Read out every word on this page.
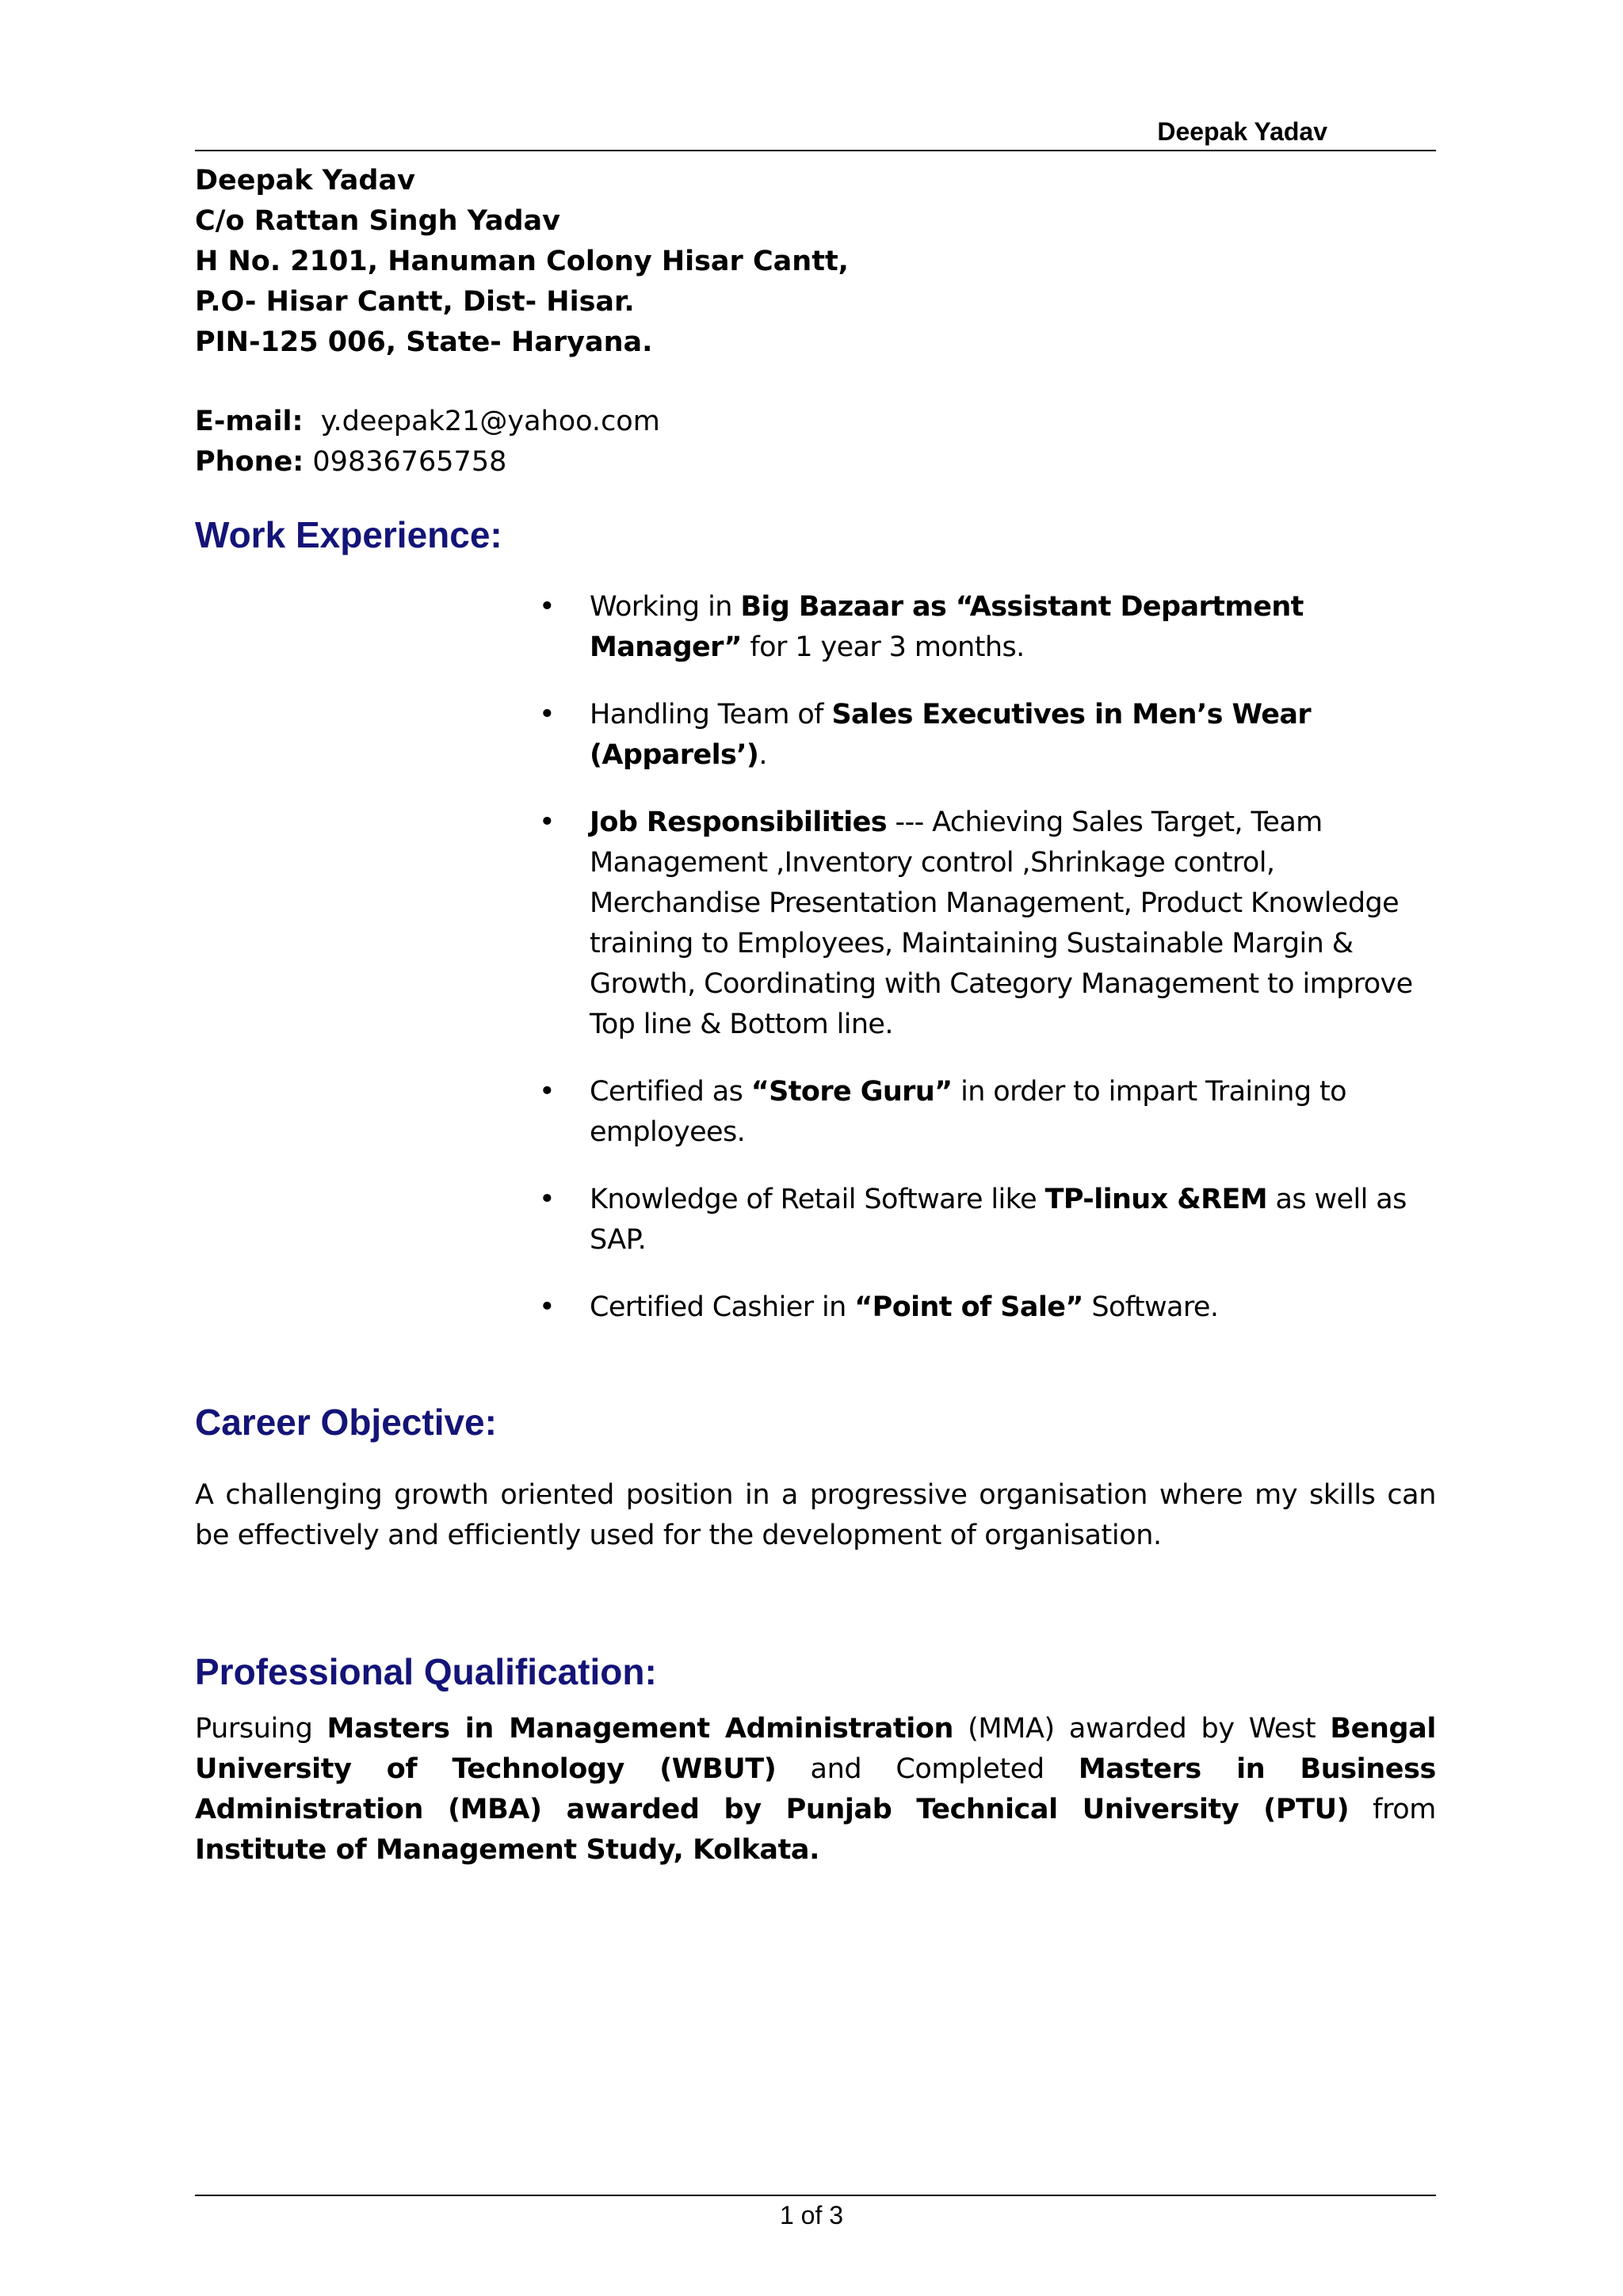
Deepak Yadav
Deepak Yadav
C/o Rattan Singh Yadav
H No. 2101, Hanuman Colony Hisar Cantt,
P.O- Hisar Cantt, Dist- Hisar.
PIN-125 006, State- Haryana.
E-mail: y.deepak21@yahoo.com
Phone: 09836765758
Work Experience:
• Working in Big Bazaar as “Assistant Department Manager” for 1 year 3 months.
• Handling Team of Sales Executives in Men’s Wear (Apparels’).
• Job Responsibilities --- Achieving Sales Target, Team Management ,Inventory control ,Shrinkage control, Merchandise Presentation Management, Product Knowledge training to Employees, Maintaining Sustainable Margin & Growth, Coordinating with Category Management to improve Top line & Bottom line.
• Certified as “Store Guru” in order to impart Training to employees.
• Knowledge of Retail Software like TP-linux &REM as well as SAP.
• Certified Cashier in “Point of Sale” Software.
Career Objective:
A challenging growth oriented position in a progressive organisation where my skills can be effectively and efficiently used for the development of organisation.
Professional Qualification:
Pursuing Masters in Management Administration (MMA) awarded by West Bengal University of Technology (WBUT) and Completed Masters in Business Administration (MBA) awarded by Punjab Technical University (PTU) from Institute of Management Study, Kolkata.
1 of 3
